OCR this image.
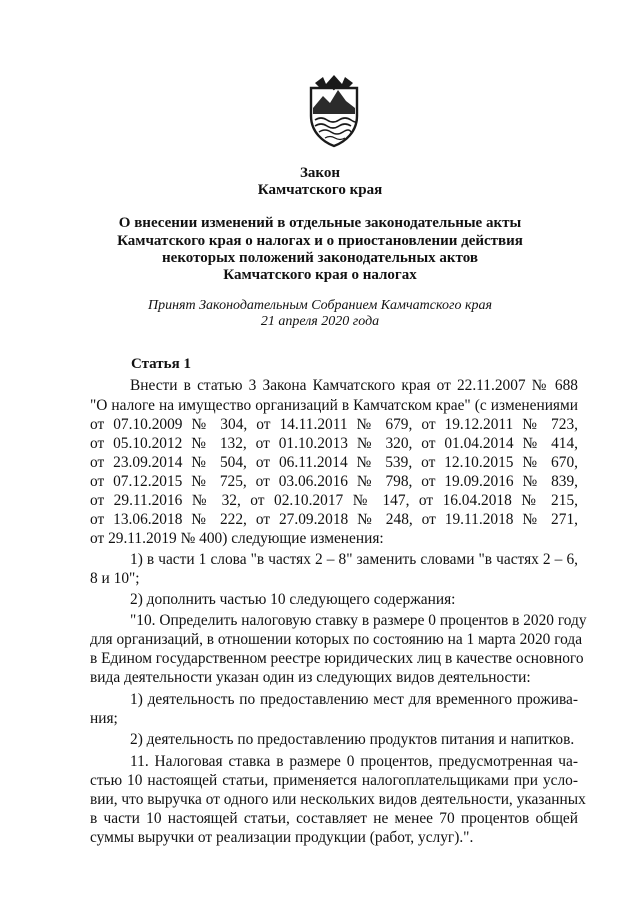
Закон
Камчатского края
О внесении изменений в отдельные законодательные акты
Камчатского края о налогах и о приостановлении действия
некоторых положений законодательных актов
Камчатского края о налогах
Принят Законодательным Собранием Камчатского края
21 апреля 2020 года
Статья 1
Внести в статью 3 Закона Камчатского края от 22.11.2007 № 688
"О налоге на имущество организаций в Камчатском крае" (с изменениями
от 07.10.2009 № 304, от 14.11.2011 № 679, от 19.12.2011 № 723,
от 05.10.2012 № 132, от 01.10.2013 № 320, от 01.04.2014 № 414,
от 23.09.2014 № 504, от 06.11.2014 № 539, от 12.10.2015 № 670,
от 07.12.2015 № 725, от 03.06.2016 № 798, от 19.09.2016 № 839,
от 29.11.2016 № 32, от 02.10.2017 № 147, от 16.04.2018 № 215,
от 13.06.2018 № 222, от 27.09.2018 № 248, от 19.11.2018 № 271,
от 29.11.2019 № 400) следующие изменения:
1) в части 1 слова "в частях 2 – 8" заменить словами "в частях 2 – 6,
8 и 10";
2) дополнить частью 10 следующего содержания:
"10. Определить налоговую ставку в размере 0 процентов в 2020 году
для организаций, в отношении которых по состоянию на 1 марта 2020 года
в Едином государственном реестре юридических лиц в качестве основного
вида деятельности указан один из следующих видов деятельности:
1) деятельность по предоставлению мест для временного прожива-
ния;
2) деятельность по предоставлению продуктов питания и напитков.
11. Налоговая ставка в размере 0 процентов, предусмотренная ча-
стью 10 настоящей статьи, применяется налогоплательщиками при усло-
вии, что выручка от одного или нескольких видов деятельности, указанных
в части 10 настоящей статьи, составляет не менее 70 процентов общей
суммы выручки от реализации продукции (работ, услуг).".
